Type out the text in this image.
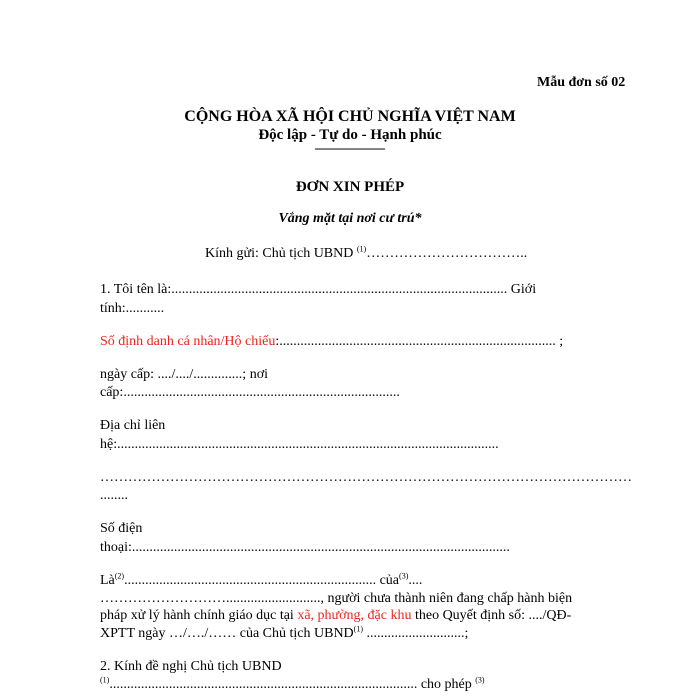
Mẫu đơn số 02
CỘNG HÒA XÃ HỘI CHỦ NGHĨA VIỆT NAM
Độc lập - Tự do - Hạnh phúc
—————
ĐƠN XIN PHÉP
Vắng mặt tại nơi cư trú*
Kính gửi: Chủ tịch UBND $^{(1)}$……………………………..
1. Tôi tên là:................................................................................................ Giới
tính:...........
Số định danh cá nhân/Hộ chiếu:............................................................................... ;
ngày cấp: ..../..../..............; nơi
cấp:...............................................................................
Địa chỉ liên
hệ:.............................................................................................................
……………………………………………………………………………………………………
........
Số điện
thoại:............................................................................................................
$Là^{(2)}$........................................................................ của$^{(3)}$....
………………………..........................., người chưa thành niên đang chấp hành biện
pháp xử lý hành chính giáo dục tại xã, phường, đặc khu theo Quyết định số: ..../QĐ-
XPTT ngày …/…./…… của Chủ tịch UBND$^{(1)}$ ............................;
2. Kính đề nghị Chủ tịch UBND
$^{(1)}$........................................................................................ cho phép $^{(3)}$
